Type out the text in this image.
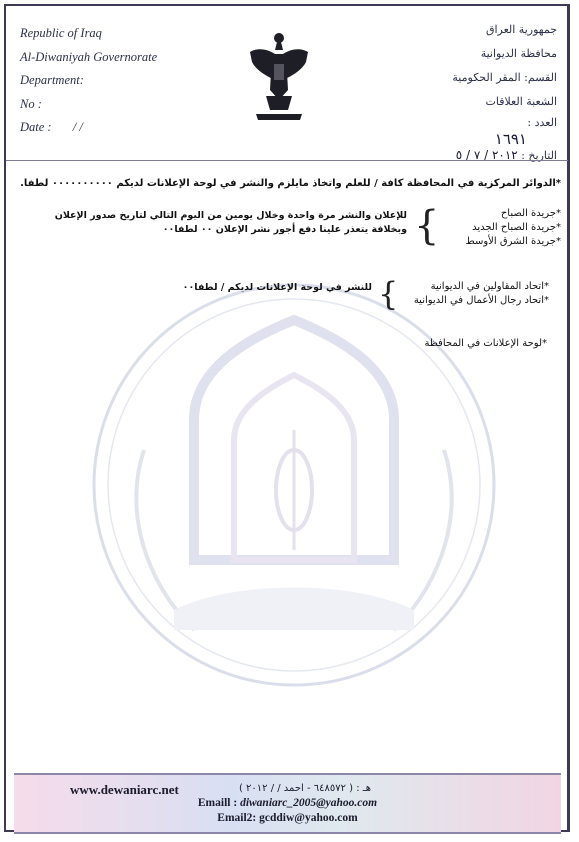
Republic of Iraq
Al-Diwaniyah Governorate
Department:
No :
Date : / /
جمهورية العراق
محافظة الديوانية
القسم: المقر الحكومية
الشعبة العلاقات
العدد :
١٦٩١
التاريخ : ٢٠١٢ / ٧ / ٥
*الدوائر المركزية في المحافظة كافة / للعلم واتخاذ مايلزم والنشر في لوحة الإعلانات لديكم ٠٠٠٠٠٠٠٠٠٠ لطفا.
*جريدة الصباح
*جريدة الصباح الجديد
*جريدة الشرق الأوسط
{
للإعلان والنشر مرة واحدة وخلال يومين من اليوم التالي لتاريخ صدور الإعلان
وبخلافة يتعذر علينا دفع أجور نشر الإعلان ٠٠ لطفا٠٠
*اتحاد المقاولين في الديوانية
*اتحاد رجال الأعمال في الديوانية
{
للنشر في لوحة الإعلانات لديكم / لطفا٠٠
*لوحة الإعلانات في المحافظة
www.dewaniarc.net	هـ : ( ٦٤٨٥٧٢ - احمد / / ٢٠١٢ )
Emaill : diwaniarc_2005@yahoo.com
Email2: gcddiw@yahoo.com
